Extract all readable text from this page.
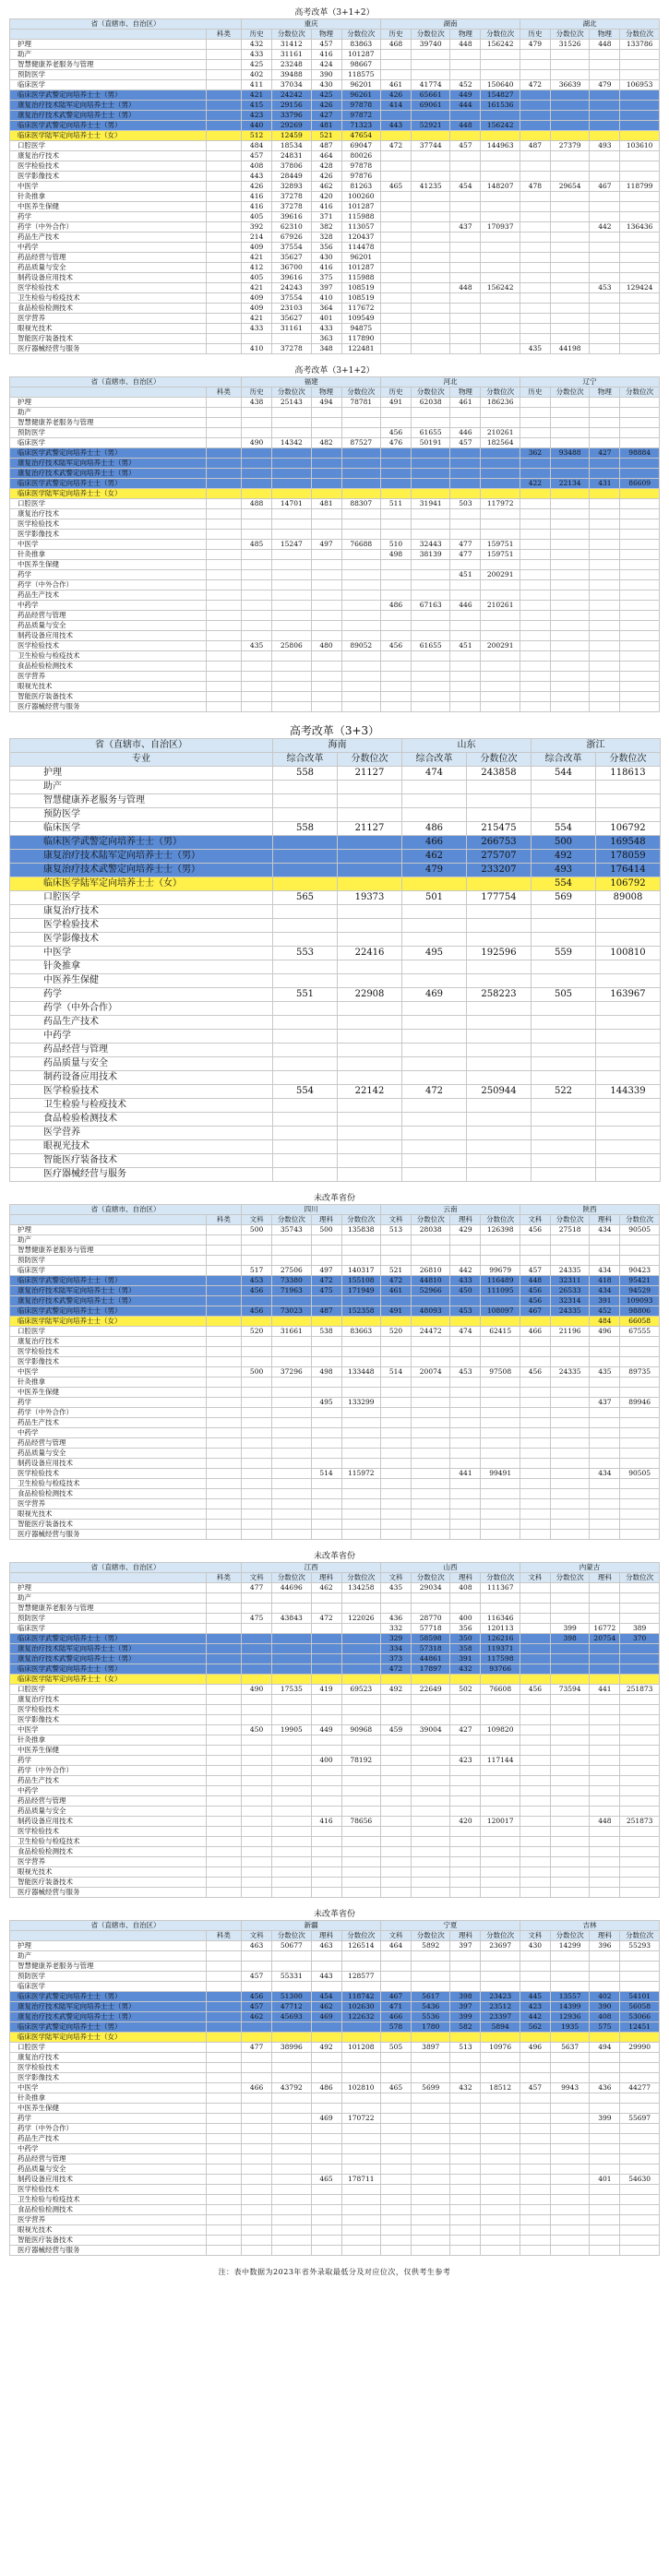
高考改革（3+1+2）
省（直辖市、自治区）		重庆				湖南				湖北			
	科类	历史	分数位次	物理	分数位次	历史	分数位次	物理	分数位次	历史	分数位次	物理	分数位次
护理		432	31412	457	83863	468	39740	448	156242	479	31526	448	133786
助产		433	31161	416	101287								
智慧健康养老服务与管理		425	23248	424	98667								
预防医学		402	39488	390	118575								
临床医学		411	37034	430	96201	461	41774	452	150640	472	36639	479	106953
临床医学武警定向培养士士（男）		421	24242	425	96261	426	65661	449	154827				
康复治疗技术陆军定向培养士士（男）		415	29156	426	97878	414	69061	444	161536				
康复治疗技术武警定向培养士士（男）		423	33796	427	97872								
临床医学武警定向培养士士（男）		440	29269	481	71323	443	52921	448	156242				
临床医学陆军定向培养士士（女）		512	12459	521	47654								
口腔医学		484	18534	487	69047	472	37744	457	144963	487	27379	493	103610
康复治疗技术		457	24831	464	80026								
医学检验技术		408	37806	428	97878								
医学影像技术		443	28449	426	97876								
中医学		426	32893	462	81263	465	41235	454	148207	478	29654	467	118799
针灸推拿		416	37278	420	100260								
中医养生保健		416	37278	416	101287								
药学		405	39616	371	115988								
药学（中外合作）		392	62310	382	113057			437	170937			442	136436
药品生产技术		214	67926	328	120437								
中药学		409	37554	356	114478								
药品经营与管理		421	35627	430	96201								
药品质量与安全		412	36700	416	101287								
制药设备应用技术		405	39616	375	115988								
医学检验技术		421	24243	397	108519			448	156242			453	129424
卫生检验与检疫技术		409	37554	410	108519								
食品检验检测技术		409	23103	364	117672								
医学营养		421	35627	401	109549								
眼视光技术		433	31161	433	94875								
智能医疗装备技术				363	117890								
医疗器械经营与服务		410	37278	348	122481					435	44198		
高考改革（3+1+2）
省（直辖市、自治区）		福建				河北				辽宁			
	科类	历史	分数位次	物理	分数位次	历史	分数位次	物理	分数位次	历史	分数位次	物理	分数位次
护理		438	25143	494	78781	491	62038	461	186236				
助产													
智慧健康养老服务与管理													
预防医学						456	61655	446	210261				
临床医学		490	14342	482	87527	476	50191	457	182564				
临床医学武警定向培养士士（男）										362	93488	427	98884
康复治疗技术陆军定向培养士士（男）													
康复治疗技术武警定向培养士士（男）													
临床医学武警定向培养士士（男）										422	22134	431	86609
临床医学陆军定向培养士士（女）													
口腔医学		488	14701	481	88307	511	31941	503	117972				
康复治疗技术													
医学检验技术													
医学影像技术													
中医学		485	15247	497	76688	510	32443	477	159751				
针灸推拿						498	38139	477	159751				
中医养生保健													
药学								451	200291				
药学（中外合作）													
药品生产技术													
中药学						486	67163	446	210261				
药品经营与管理													
药品质量与安全													
制药设备应用技术													
医学检验技术		435	25806	480	89052	456	61655	451	200291				
卫生检验与检疫技术													
食品检验检测技术													
医学营养													
眼视光技术													
智能医疗装备技术													
医疗器械经营与服务													
高考改革（3+3）
省（直辖市、自治区）	海南		山东		浙江	
专业	综合改革	分数位次	综合改革	分数位次	综合改革	分数位次
护理	558	21127	474	243858	544	118613
助产						
智慧健康养老服务与管理						
预防医学						
临床医学	558	21127	486	215475	554	106792
临床医学武警定向培养士士（男）			466	266753	500	169548
康复治疗技术陆军定向培养士士（男）			462	275707	492	178059
康复治疗技术武警定向培养士士（男）			479	233207	493	176414
临床医学陆军定向培养士士（女）					554	106792
口腔医学	565	19373	501	177754	569	89008
康复治疗技术						
医学检验技术						
医学影像技术						
中医学	553	22416	495	192596	559	100810
针灸推拿						
中医养生保健						
药学	551	22908	469	258223	505	163967
药学（中外合作）						
药品生产技术						
中药学						
药品经营与管理						
药品质量与安全						
制药设备应用技术						
医学检验技术	554	22142	472	250944	522	144339
卫生检验与检疫技术						
食品检验检测技术						
医学营养						
眼视光技术						
智能医疗装备技术						
医疗器械经营与服务						
未改革省份
省（直辖市、自治区）		四川				云南				陕西			
	科类	文科	分数位次	理科	分数位次	文科	分数位次	理科	分数位次	文科	分数位次	理科	分数位次
护理		500	35743	500	135838	513	28038	429	126398	456	27518	434	90505
助产													
智慧健康养老服务与管理													
预防医学													
临床医学		517	27506	497	140317	521	26810	442	99679	457	24335	434	90423
临床医学武警定向培养士士（男）		453	73380	472	155108	472	44810	433	116489	448	32311	418	95421
康复治疗技术陆军定向培养士士（男）		456	71963	475	171949	461	52966	450	111095	456	26533	434	94529
康复治疗技术武警定向培养士士（男）										456	32314	391	109093
临床医学武警定向培养士士（男）		456	73023	487	152358	491	48093	453	108097	467	24335	452	98806
临床医学陆军定向培养士士（女）												484	66058
口腔医学		520	31661	538	83663	520	24472	474	62415	466	21196	496	67555
康复治疗技术													
医学检验技术													
医学影像技术													
中医学		500	37296	498	133448	514	20074	453	97508	456	24335	435	89735
针灸推拿													
中医养生保健													
药学				495	133299							437	89946
药学（中外合作）													
药品生产技术													
中药学													
药品经营与管理													
药品质量与安全													
制药设备应用技术													
医学检验技术				514	115972			441	99491			434	90505
卫生检验与检疫技术													
食品检验检测技术													
医学营养													
眼视光技术													
智能医疗装备技术													
医疗器械经营与服务													
未改革省份
省（直辖市、自治区）		江西				山西				内蒙古			
	科类	文科	分数位次	理科	分数位次	文科	分数位次	理科	分数位次	文科	分数位次	理科	分数位次
护理		477	44696	462	134258	435	29034	408	111367				
助产													
智慧健康养老服务与管理													
预防医学		475	43843	472	122026	436	28770	400	116346				
临床医学						332	57718	356	120113		399	16772	389
临床医学武警定向培养士士（男）						329	58598	350	126216		398	20754	370
康复治疗技术陆军定向培养士士（男）						334	57318	358	119371				
康复治疗技术武警定向培养士士（男）						373	44861	391	117598				
临床医学武警定向培养士士（男）						472	17897	432	93766				
临床医学陆军定向培养士士（女）													
口腔医学		490	17535	419	69523	492	22649	502	76608	456	73594	441	251873
康复治疗技术													
医学检验技术													
医学影像技术													
中医学		450	19905	449	90968	459	39004	427	109820				
针灸推拿													
中医养生保健													
药学				400	78192			423	117144				
药学（中外合作）													
药品生产技术													
中药学													
药品经营与管理													
药品质量与安全													
制药设备应用技术				416	78656			420	120017			448	251873
医学检验技术													
卫生检验与检疫技术													
食品检验检测技术													
医学营养													
眼视光技术													
智能医疗装备技术													
医疗器械经营与服务													
未改革省份
省（直辖市、自治区）		新疆				宁夏				吉林			
	科类	文科	分数位次	理科	分数位次	文科	分数位次	理科	分数位次	文科	分数位次	理科	分数位次
护理		463	50677	463	126514	464	5892	397	23697	430	14299	396	55293
助产													
智慧健康养老服务与管理													
预防医学		457	55331	443	128577								
临床医学													
临床医学武警定向培养士士（男）		456	51300	454	118742	467	5617	398	23423	445	13557	402	54101
康复治疗技术陆军定向培养士士（男）		457	47712	462	102630	471	5436	397	23512	423	14399	390	56058
康复治疗技术武警定向培养士士（男）		462	45693	469	122632	466	5536	399	23397	442	12936	408	53066
临床医学武警定向培养士士（男）						578	1780	582	5894	562	1935	575	12451
临床医学陆军定向培养士士（女）													
口腔医学		477	38996	492	101208	505	3897	513	10976	496	5637	494	29990
康复治疗技术													
医学检验技术													
医学影像技术													
中医学		466	43792	486	102810	465	5699	432	18512	457	9943	436	44277
针灸推拿													
中医养生保健													
药学				469	170722							399	55697
药学（中外合作）													
药品生产技术													
中药学													
药品经营与管理													
药品质量与安全													
制药设备应用技术				465	178711							401	54630
医学检验技术													
卫生检验与检疫技术													
食品检验检测技术													
医学营养													
眼视光技术													
智能医疗装备技术													
医疗器械经营与服务													
注：表中数据为2023年省外录取最低分及对应位次，仅供考生参考
